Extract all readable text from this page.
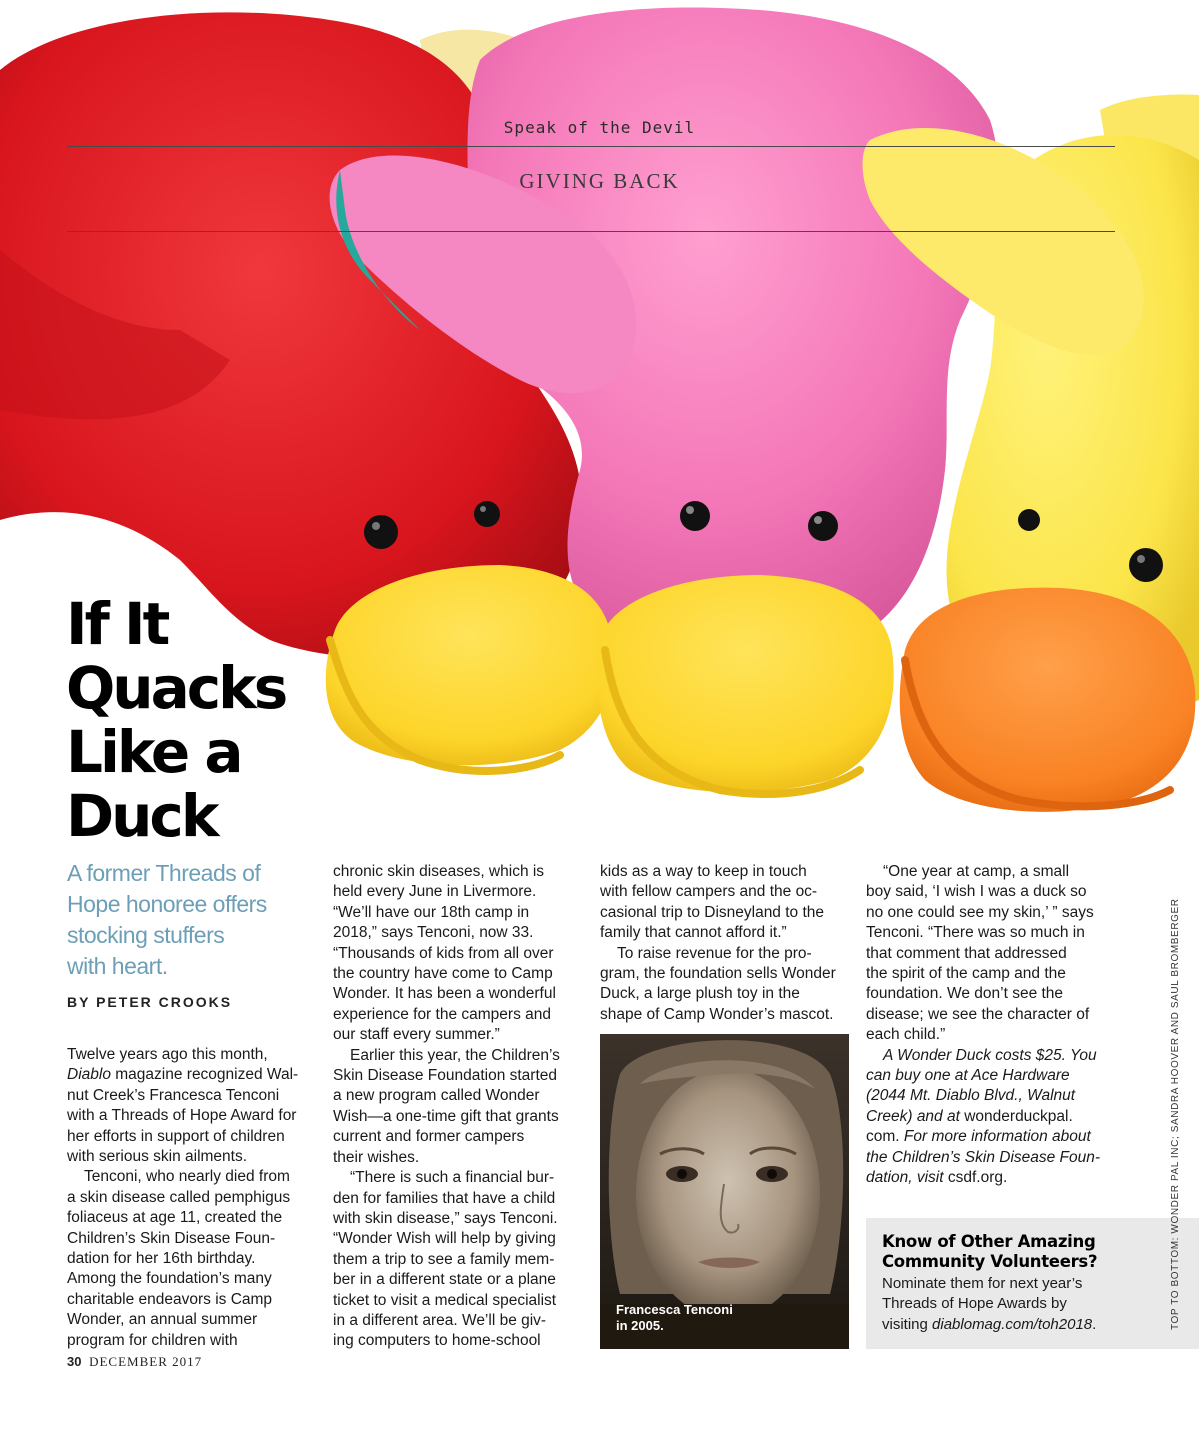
Speak of the Devil
GIVING BACK
If It
Quacks
Like a
Duck
A former Threads of
Hope honoree offers
stocking stuffers
with heart.
BY PETER CROOKS
Twelve years ago this month,
Diablo magazine recognized Wal-
nut Creek’s Francesca Tenconi
with a Threads of Hope Award for
her efforts in support of children
with serious skin ailments.
Tenconi, who nearly died from
a skin disease called pemphigus
foliaceus at age 11, created the
Children’s Skin Disease Foun-
dation for her 16th birthday.
Among the foundation’s many
charitable endeavors is Camp
Wonder, an annual summer
program for children with
chronic skin diseases, which is
held every June in Livermore.
“We’ll have our 18th camp in
2018,” says Tenconi, now 33.
“Thousands of kids from all over
the country have come to Camp
Wonder. It has been a wonderful
experience for the campers and
our staff every summer.”
Earlier this year, the Children’s
Skin Disease Foundation started
a new program called Wonder
Wish—a one-time gift that grants
current and former campers
their wishes.
“There is such a financial bur-
den for families that have a child
with skin disease,” says Tenconi.
“Wonder Wish will help by giving
them a trip to see a family mem-
ber in a different state or a plane
ticket to visit a medical specialist
in a different area. We’ll be giv-
ing computers to home-school
kids as a way to keep in touch
with fellow campers and the oc-
casional trip to Disneyland to the
family that cannot afford it.”
To raise revenue for the pro-
gram, the foundation sells Wonder
Duck, a large plush toy in the
shape of Camp Wonder’s mascot.
“One year at camp, a small
boy said, ‘I wish I was a duck so
no one could see my skin,’ ” says
Tenconi. “There was so much in
that comment that addressed
the spirit of the camp and the
foundation. We don’t see the
disease; we see the character of
each child.”
A Wonder Duck costs $25. You
can buy one at Ace Hardware
(2044 Mt. Diablo Blvd., Walnut
Creek) and at wonderduckpal.
com. For more information about
the Children’s Skin Disease Foun-
dation, visit csdf.org.
Francesca Tenconi
in 2005.
Know of Other Amazing
Community Volunteers?
Nominate them for next year’s
Threads of Hope Awards by
visiting diablomag.com/toh2018.	TOP TO BOTTOM: WONDER PAL INC; SANDRA HOOVER AND SAUL BROMBERGER
30 DECEMBER 2017
